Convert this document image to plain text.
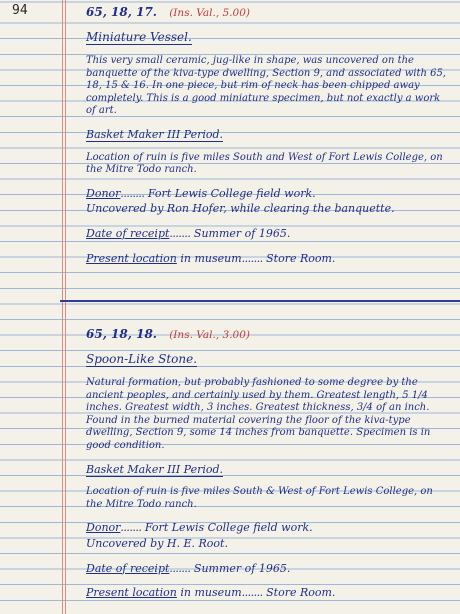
94	65, 18, 17. (Ins. Val., 5.00)
Miniature Vessel.
This very small ceramic, jug-like in shape, was uncovered on the banquette of the kiva-type dwelling, Section 9, and associated with 65, 18, 15 & 16. In one piece, but rim of neck has been chipped away completely. This is a good miniature specimen, but not exactly a work of art.
Basket Maker III Period.
Location of ruin is five miles South and West of Fort Lewis College, on the Mitre Todo ranch.
Donor........ Fort Lewis College field work.
Uncovered by Ron Hofer, while clearing the banquette.
Date of receipt....... Summer of 1965.
Present location in museum....... Store Room.
65, 18, 18. (Ins. Val., 3.00)
Spoon-Like Stone.
Natural formation, but probably fashioned to some degree by the ancient peoples, and certainly used by them. Greatest length, 5 1/4 inches. Greatest width, 3 inches. Greatest thickness, 3/4 of an inch. Found in the burned material covering the floor of the kiva-type dwelling, Section 9, some 14 inches from banquette. Specimen is in good condition.
Basket Maker III Period.
Location of ruin is five miles South & West of Fort Lewis College, on the Mitre Todo ranch.
Donor....... Fort Lewis College field work.
Uncovered by H. E. Root.
Date of receipt....... Summer of 1965.
Present location in museum....... Store Room.
